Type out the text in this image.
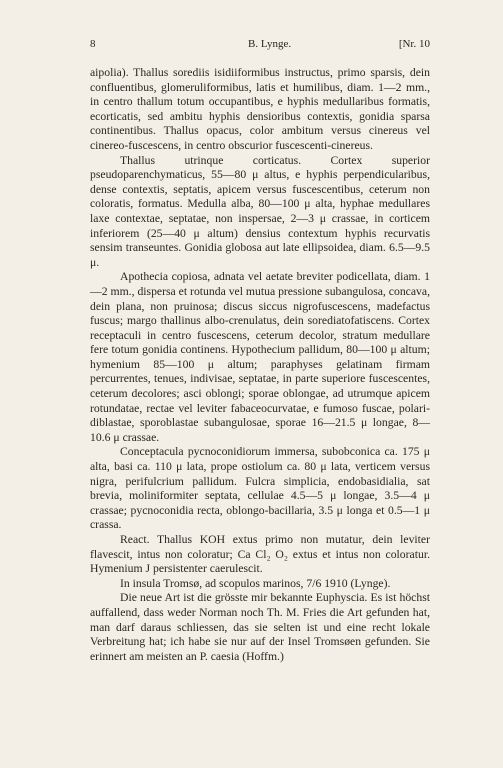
8	B. Lynge.	[Nr. 10

aipolia). Thallus sorediis isidiiformibus instructus, primo sparsis, dein confluentibus, glomeruliformibus, latis et humilibus, diam. 1—2 mm., in centro thallum totum occupantibus, e hyphis medullaribus formatis, ecorticatis, sed ambitu hyphis densioribus contextis, gonidia sparsa continentibus. Thallus opacus, color ambitum versus cinereus vel cinereo-fuscescens, in centro obscurior fuscescenti-cinereus.

Thallus utrinque corticatus. Cortex superior pseudoparenchymaticus, 55—80 μ altus, e hyphis perpendicularibus, dense contextis, septatis, apicem versus fuscescentibus, ceterum non coloratis, formatus. Medulla alba, 80—100 μ alta, hyphae medullares laxe contextae, septatae, non inspersae, 2—3 μ crassae, in corticem inferiorem (25—40 μ altum) densius contextum hyphis recurvatis sensim transeuntes. Gonidia globosa aut late ellipsoidea, diam. 6.5—9.5 μ.

Apothecia copiosa, adnata vel aetate breviter podicellata, diam. 1—2 mm., dispersa et rotunda vel mutua pressione subangulosa, concava, dein plana, non pruinosa; discus siccus nigrofuscescens, madefactus fuscus; margo thallinus albo-crenulatus, dein sorediatofatiscens. Cortex receptaculi in centro fuscescens, ceterum decolor, stratum medullare fere totum gonidia continens. Hypothecium pallidum, 80—100 μ altum; hymenium 85—100 μ altum; paraphyses gelatinam firmam percurrentes, tenues, indivisae, septatae, in parte superiore fuscescentes, ceterum decolores; asci oblongi; sporae oblongae, ad utrumque apicem rotundatae, rectae vel leviter fabaceocurvatae, e fumoso fuscae, polari-diblastae, sporoblastae subangulosae, sporae 16—21.5 μ longae, 8—10.6 μ crassae.

Conceptacula pycnoconidiorum immersa, subobconica ca. 175 μ alta, basi ca. 110 μ lata, prope ostiolum ca. 80 μ lata, verticem versus nigra, perifulcrium pallidum. Fulcra simplicia, endobasidialia, sat brevia, moliniformiter septata, cellulae 4.5—5 μ longae, 3.5—4 μ crassae; pycnoconidia recta, oblongo-bacillaria, 3.5 μ longa et 0.5—1 μ crassa.

React. Thallus KOH extus primo non mutatur, dein leviter flavescit, intus non coloratur; Ca Cl₂ O₂ extus et intus non coloratur. Hymenium J persistenter caerulescit.

In insula Tromsø, ad scopulos marinos, 7/6 1910 (Lynge).

Die neue Art ist die grösste mir bekannte Euphyscia. Es ist höchst auffallend, dass weder Norman noch Th. M. Fries die Art gefunden hat, man darf daraus schliessen, das sie selten ist und eine recht lokale Verbreitung hat; ich habe sie nur auf der Insel Tromsøen gefunden. Sie erinnert am meisten an P. caesia (Hoffm.)
